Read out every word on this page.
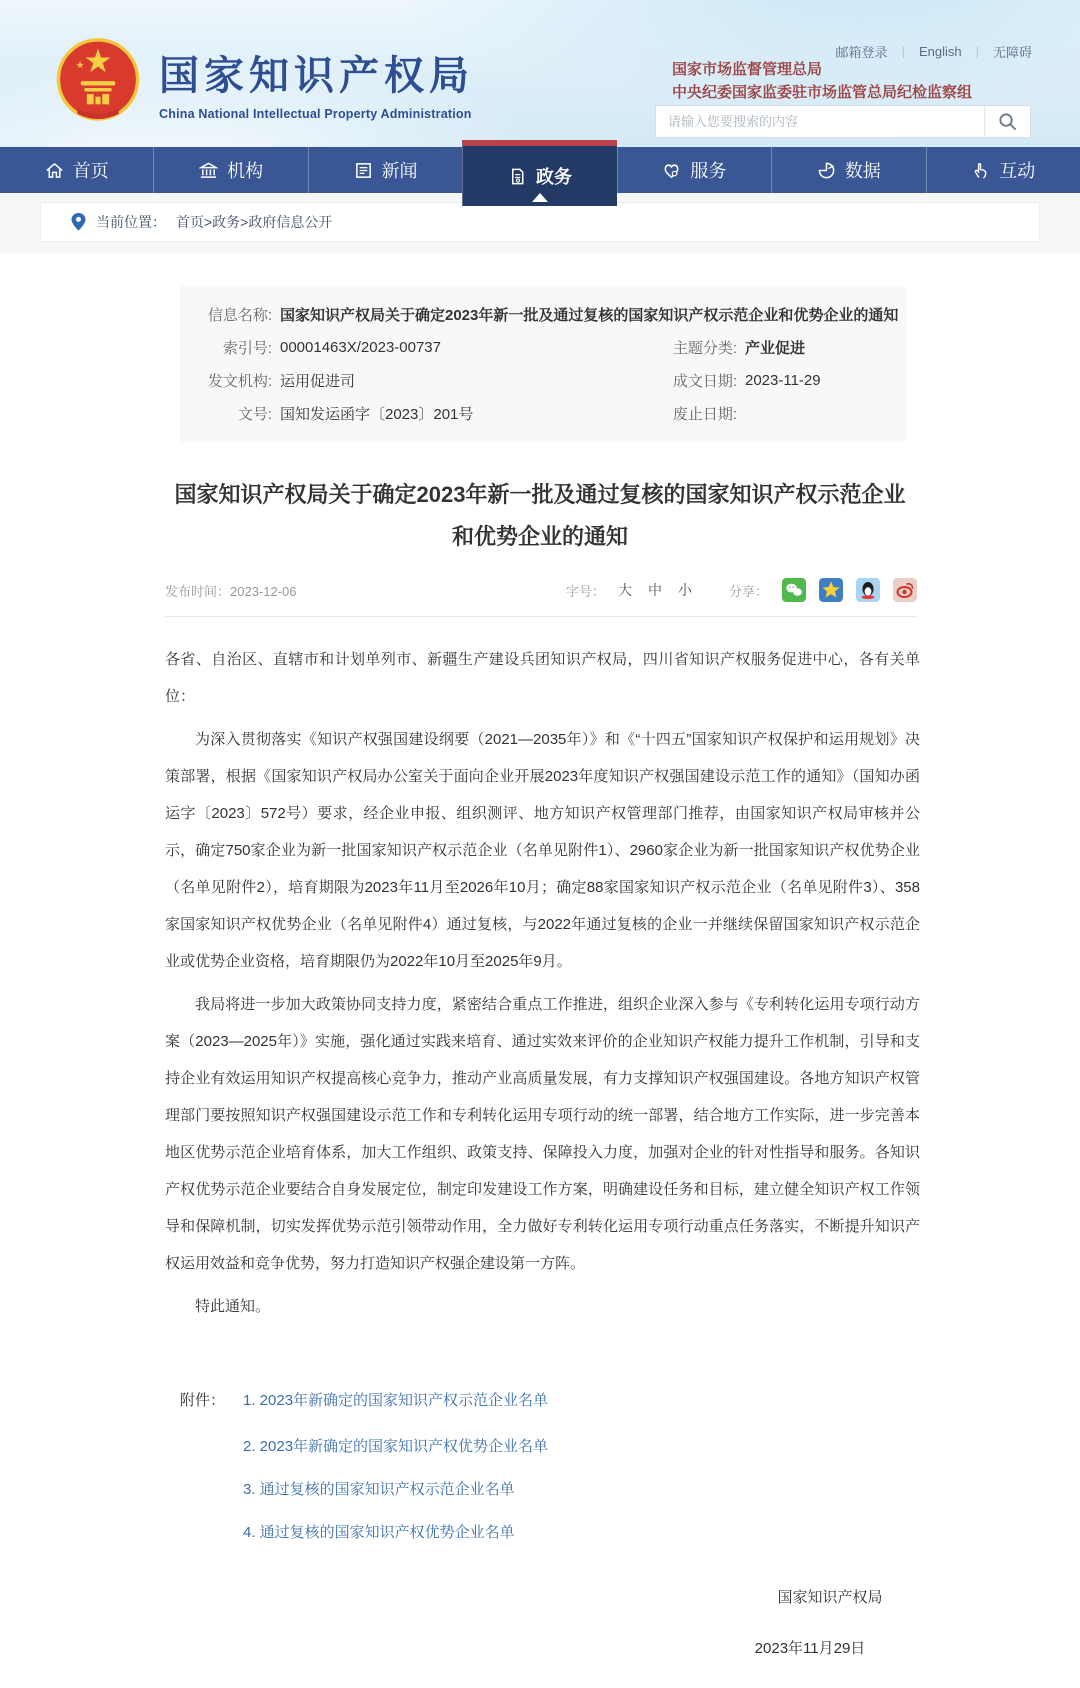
国家知识产权局
China National Intellectual Property Administration
邮箱登录 | English | 无障碍
国家市场监督管理总局
中央纪委国家监委驻市场监管总局纪检监察组
请输入您要搜索的内容
首页	机构	新闻	政务	服务	数据	互动
当前位置： 首页>政务>政府信息公开
信息名称: 国家知识产权局关于确定2023年新一批及通过复核的国家知识产权示范企业和优势企业的通知
索引号: 00001463X/2023-00737	主题分类: 产业促进
发文机构: 运用促进司	成文日期: 2023-11-29
文号: 国知发运函字〔2023〕201号	废止日期:
国家知识产权局关于确定2023年新一批及通过复核的国家知识产权示范企业
和优势企业的通知
发布时间：2023-12-06	字号： 大 中 小	分享：

各省、自治区、直辖市和计划单列市、新疆生产建设兵团知识产权局，四川省知识产权服务促进中心，各有关单位：

为深入贯彻落实《知识产权强国建设纲要（2021—2035年）》和《“十四五”国家知识产权保护和运用规划》决策部署，根据《国家知识产权局办公室关于面向企业开展2023年度知识产权强国建设示范工作的通知》（国知办函运字〔2023〕572号）要求，经企业申报、组织测评、地方知识产权管理部门推荐，由国家知识产权局审核并公示，确定750家企业为新一批国家知识产权示范企业（名单见附件1）、2960家企业为新一批国家知识产权优势企业（名单见附件2），培育期限为2023年11月至2026年10月；确定88家国家知识产权示范企业（名单见附件3）、358家国家知识产权优势企业（名单见附件4）通过复核，与2022年通过复核的企业一并继续保留国家知识产权示范企业或优势企业资格，培育期限仍为2022年10月至2025年9月。

我局将进一步加大政策协同支持力度，紧密结合重点工作推进，组织企业深入参与《专利转化运用专项行动方案（2023—2025年）》实施，强化通过实践来培育、通过实效来评价的企业知识产权能力提升工作机制，引导和支持企业有效运用知识产权提高核心竞争力，推动产业高质量发展，有力支撑知识产权强国建设。各地方知识产权管理部门要按照知识产权强国建设示范工作和专利转化运用专项行动的统一部署，结合地方工作实际，进一步完善本地区优势示范企业培育体系，加大工作组织、政策支持、保障投入力度，加强对企业的针对性指导和服务。各知识产权优势示范企业要结合自身发展定位，制定印发建设工作方案，明确建设任务和目标，建立健全知识产权工作领导和保障机制，切实发挥优势示范引领带动作用，全力做好专利转化运用专项行动重点任务落实，不断提升知识产权运用效益和竞争优势，努力打造知识产权强企建设第一方阵。

特此通知。

附件：	1. 2023年新确定的国家知识产权示范企业名单
2. 2023年新确定的国家知识产权优势企业名单
3. 通过复核的国家知识产权示范企业名单
4. 通过复核的国家知识产权优势企业名单
国家知识产权局
2023年11月29日
